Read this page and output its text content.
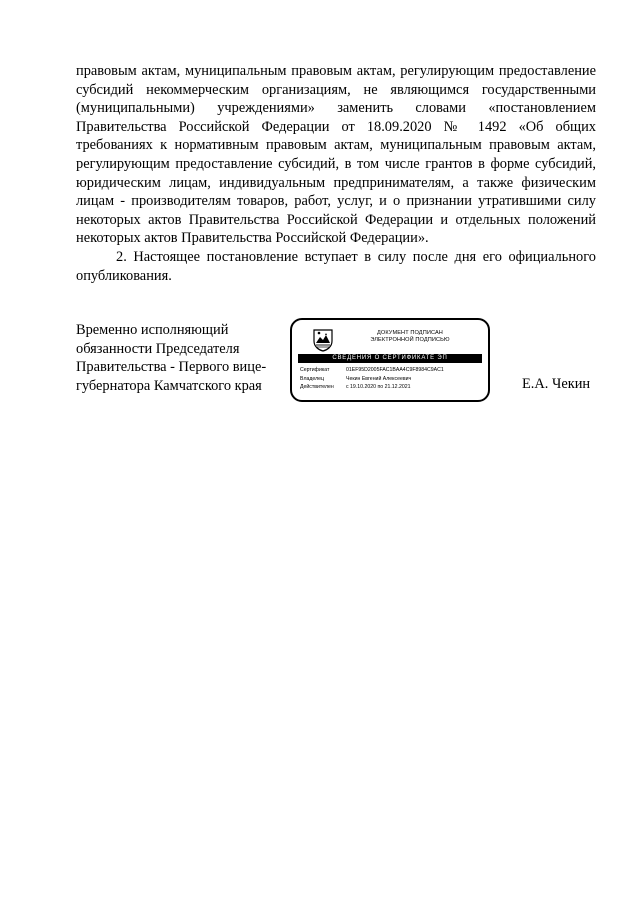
правовым актам, муниципальным правовым актам, регулирующим предоставление субсидий некоммерческим организациям, не являющимся государственными (муниципальными) учреждениями» заменить словами «постановлением Правительства Российской Федерации от 18.09.2020 № 1492 «Об общих требованиях к нормативным правовым актам, муниципальным правовым актам, регулирующим предоставление субсидий, в том числе грантов в форме субсидий, юридическим лицам, индивидуальным предпринимателям, а также физическим лицам - производителям товаров, работ, услуг, и о признании утратившими силу некоторых актов Правительства Российской Федерации и отдельных положений некоторых актов Правительства Российской Федерации».

2. Настоящее постановление вступает в силу после дня его официального опубликования.

Временно исполняющий
обязанности Председателя
Правительства - Первого вице-
губернатора Камчатского края
ДОКУМЕНТ ПОДПИСАН
ЭЛЕКТРОННОЙ ПОДПИСЬЮ
СВЕДЕНИЯ О СЕРТИФИКАТЕ ЭП
Сертификат	01EF95D2005FAC1BAA4C9F8984C9AC1
Владелец	Чекин Евгений Алексеевич
Действителен	с 19.10.2020 по 21.12.2021	Е.А. Чекин
